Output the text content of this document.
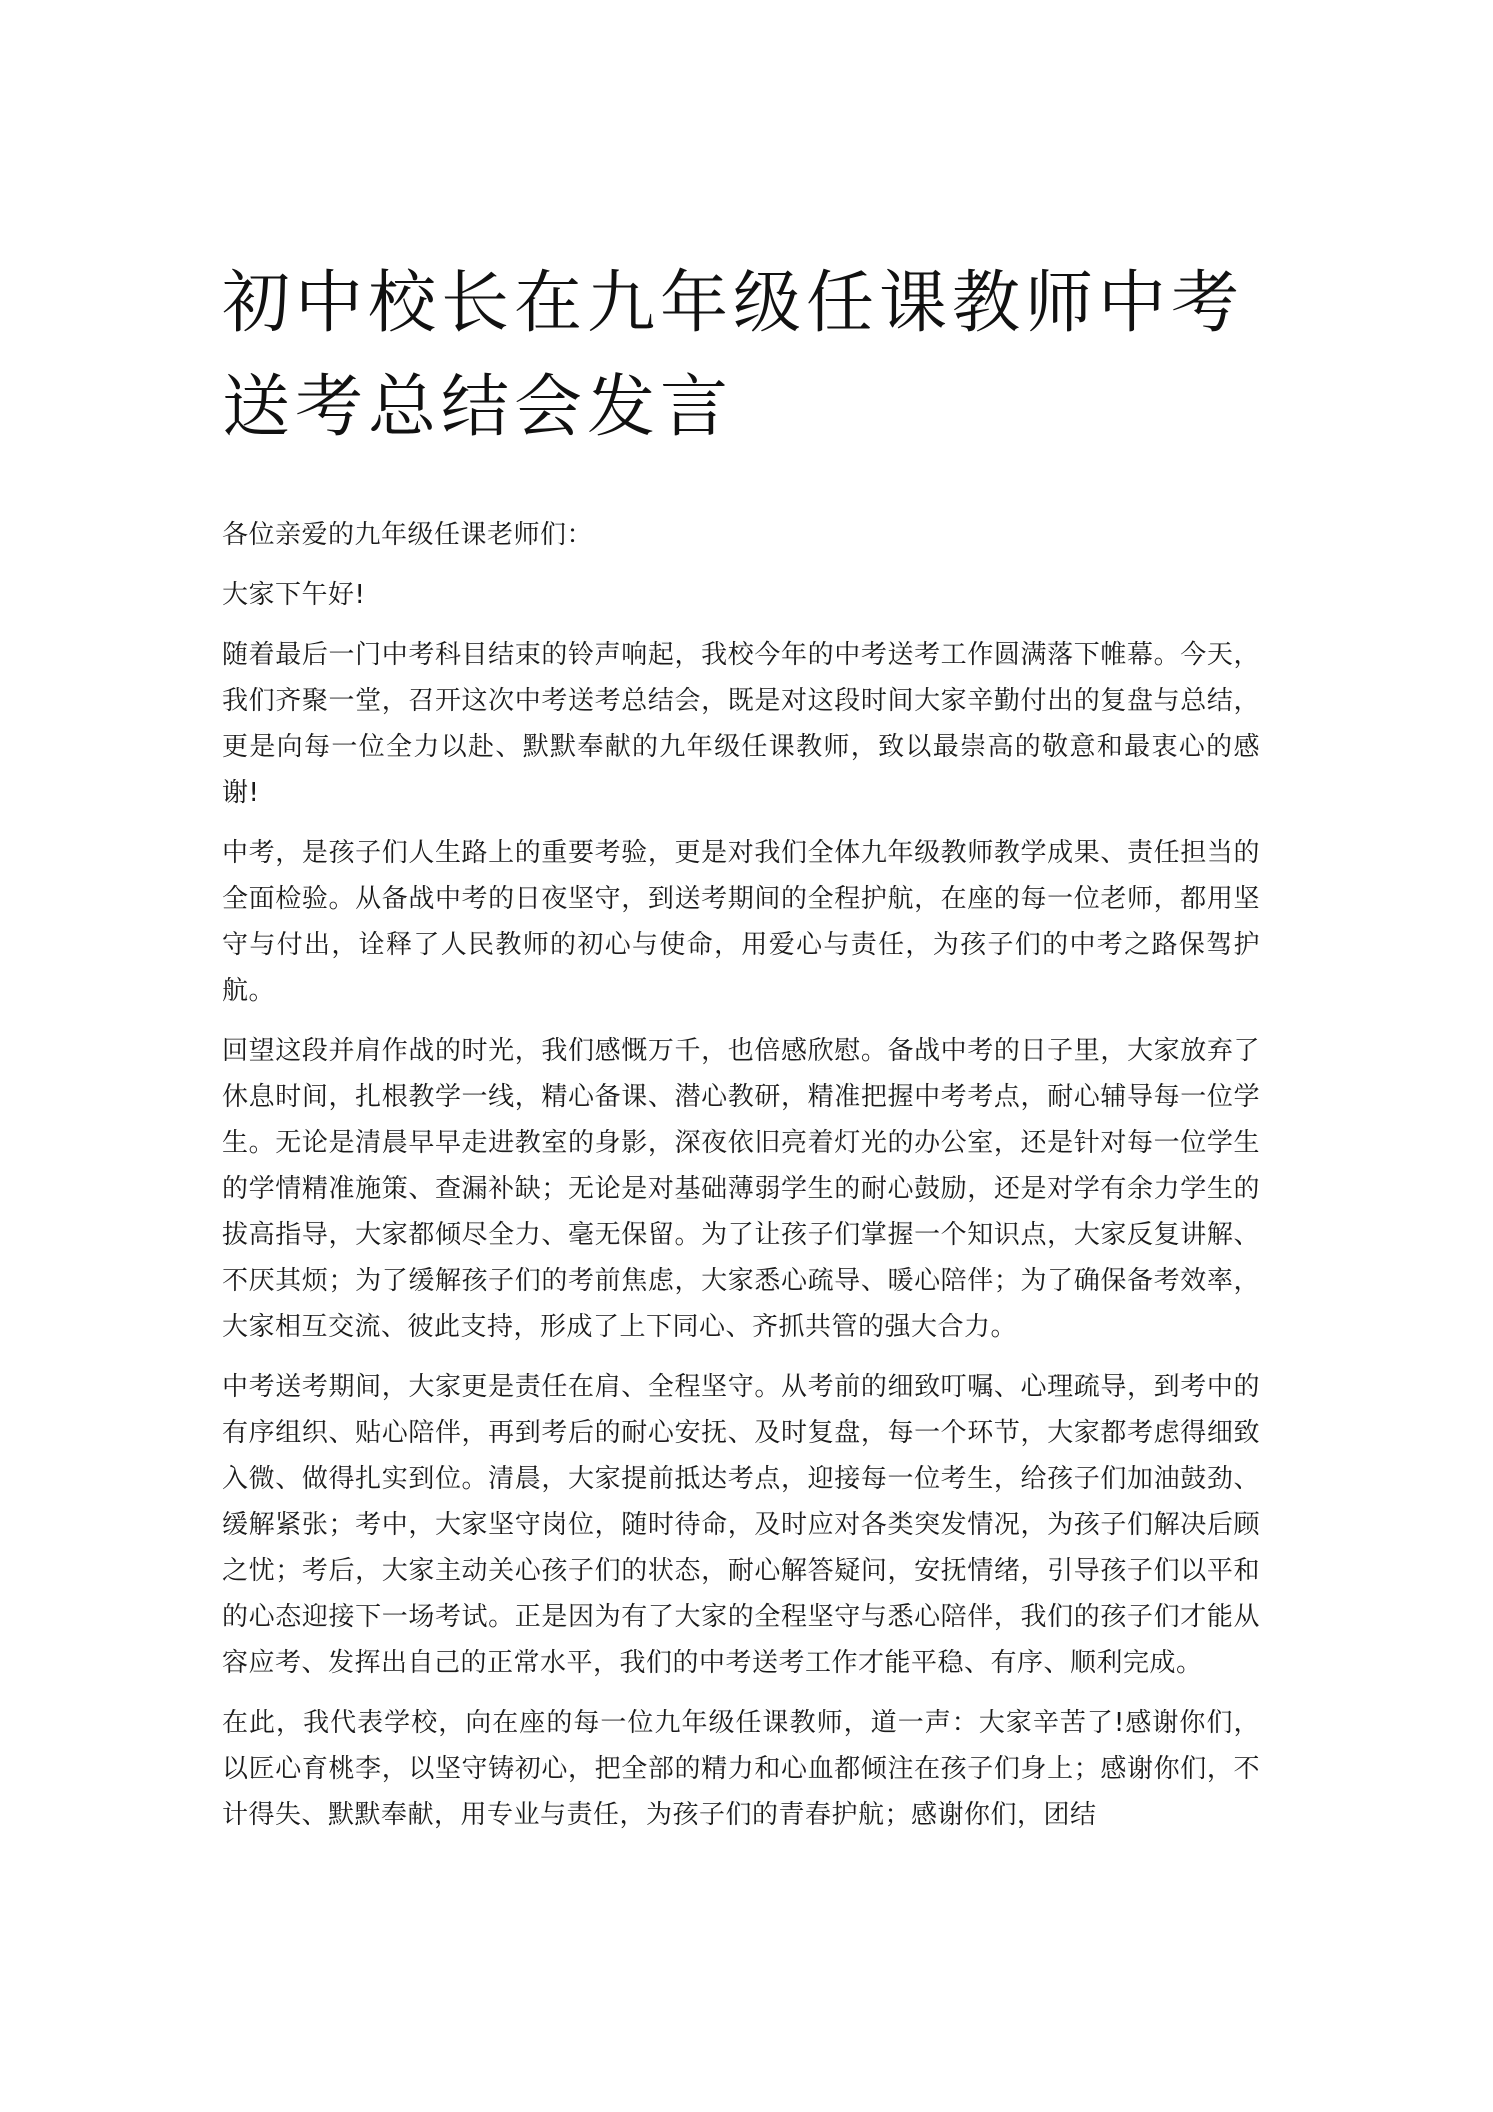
初中校长在九年级任课教师中考送考总结会发言

各位亲爱的九年级任课老师们：

大家下午好!

随着最后一门中考科目结束的铃声响起，我校今年的中考送考工作圆满落下帷幕。今天，我们齐聚一堂，召开这次中考送考总结会，既是对这段时间大家辛勤付出的复盘与总结，更是向每一位全力以赴、默默奉献的九年级任课教师，致以最崇高的敬意和最衷心的感谢!

中考，是孩子们人生路上的重要考验，更是对我们全体九年级教师教学成果、责任担当的全面检验。从备战中考的日夜坚守，到送考期间的全程护航，在座的每一位老师，都用坚守与付出，诠释了人民教师的初心与使命，用爱心与责任，为孩子们的中考之路保驾护航。

回望这段并肩作战的时光，我们感慨万千，也倍感欣慰。备战中考的日子里，大家放弃了休息时间，扎根教学一线，精心备课、潜心教研，精准把握中考考点，耐心辅导每一位学生。无论是清晨早早走进教室的身影，深夜依旧亮着灯光的办公室，还是针对每一位学生的学情精准施策、查漏补缺；无论是对基础薄弱学生的耐心鼓励，还是对学有余力学生的拔高指导，大家都倾尽全力、毫无保留。为了让孩子们掌握一个知识点，大家反复讲解、不厌其烦；为了缓解孩子们的考前焦虑，大家悉心疏导、暖心陪伴；为了确保备考效率，大家相互交流、彼此支持，形成了上下同心、齐抓共管的强大合力。

中考送考期间，大家更是责任在肩、全程坚守。从考前的细致叮嘱、心理疏导，到考中的有序组织、贴心陪伴，再到考后的耐心安抚、及时复盘，每一个环节，大家都考虑得细致入微、做得扎实到位。清晨，大家提前抵达考点，迎接每一位考生，给孩子们加油鼓劲、缓解紧张；考中，大家坚守岗位，随时待命，及时应对各类突发情况，为孩子们解决后顾之忧；考后，大家主动关心孩子们的状态，耐心解答疑问，安抚情绪，引导孩子们以平和的心态迎接下一场考试。正是因为有了大家的全程坚守与悉心陪伴，我们的孩子们才能从容应考、发挥出自己的正常水平，我们的中考送考工作才能平稳、有序、顺利完成。

在此，我代表学校，向在座的每一位九年级任课教师，道一声：大家辛苦了!感谢你们，以匠心育桃李，以坚守铸初心，把全部的精力和心血都倾注在孩子们身上；感谢你们，不计得失、默默奉献，用专业与责任，为孩子们的青春护航；感谢你们，团结
